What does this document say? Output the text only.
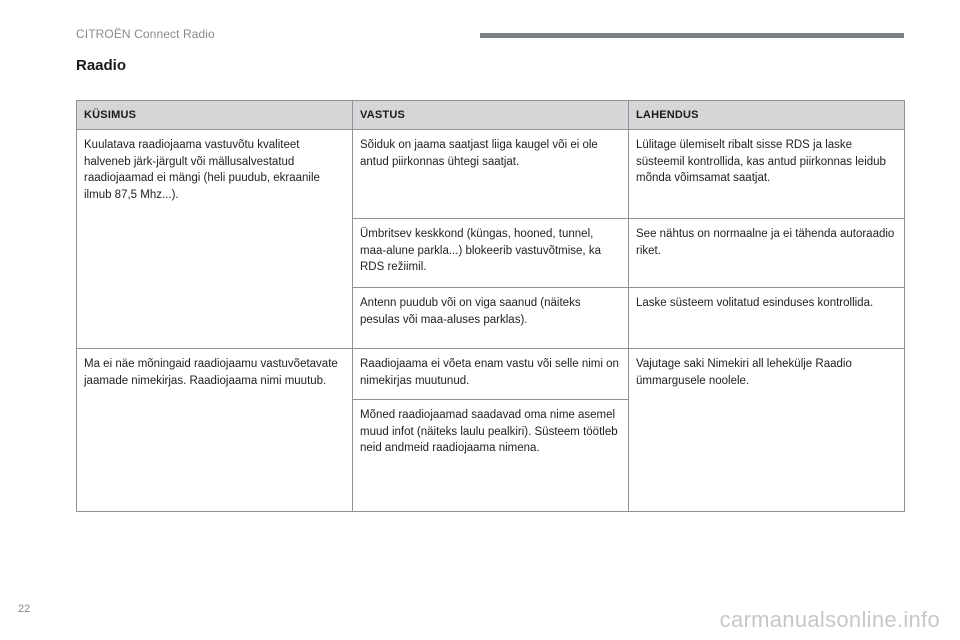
CITROËN Connect Radio
Raadio
KÜSIMUS	VASTUS	LAHENDUS
Kuulatava raadiojaama vastuvõtu kvaliteet halveneb järk-järgult või mällusalvestatud raadiojaamad ei mängi (heli puudub, ekraanile ilmub 87,5 Mhz...).	Sõiduk on jaama saatjast liiga kaugel või ei ole antud piirkonnas ühtegi saatjat.	Lülitage ülemiselt ribalt sisse RDS ja laske süsteemil kontrollida, kas antud piirkonnas leidub mõnda võimsamat saatjat.
	Ümbritsev keskkond (küngas, hooned, tunnel, maa-alune parkla...) blokeerib vastuvõtmise, ka RDS režiimil.	See nähtus on normaalne ja ei tähenda autoraadio riket.
	Antenn puudub või on viga saanud (näiteks pesulas või maa-aluses parklas).	Laske süsteem volitatud esinduses kontrollida.
Ma ei näe mõningaid raadiojaamu vastuvõetavate jaamade nimekirjas. Raadiojaama nimi muutub.	Raadiojaama ei võeta enam vastu või selle nimi on nimekirjas muutunud.	Vajutage saki Nimekiri all lehekülje Raadio ümmargusele noolele.
	Mõned raadiojaamad saadavad oma nime asemel muud infot (näiteks laulu pealkiri). Süsteem töötleb neid andmeid raadiojaama nimena.	
22	carmanualsonline.info
